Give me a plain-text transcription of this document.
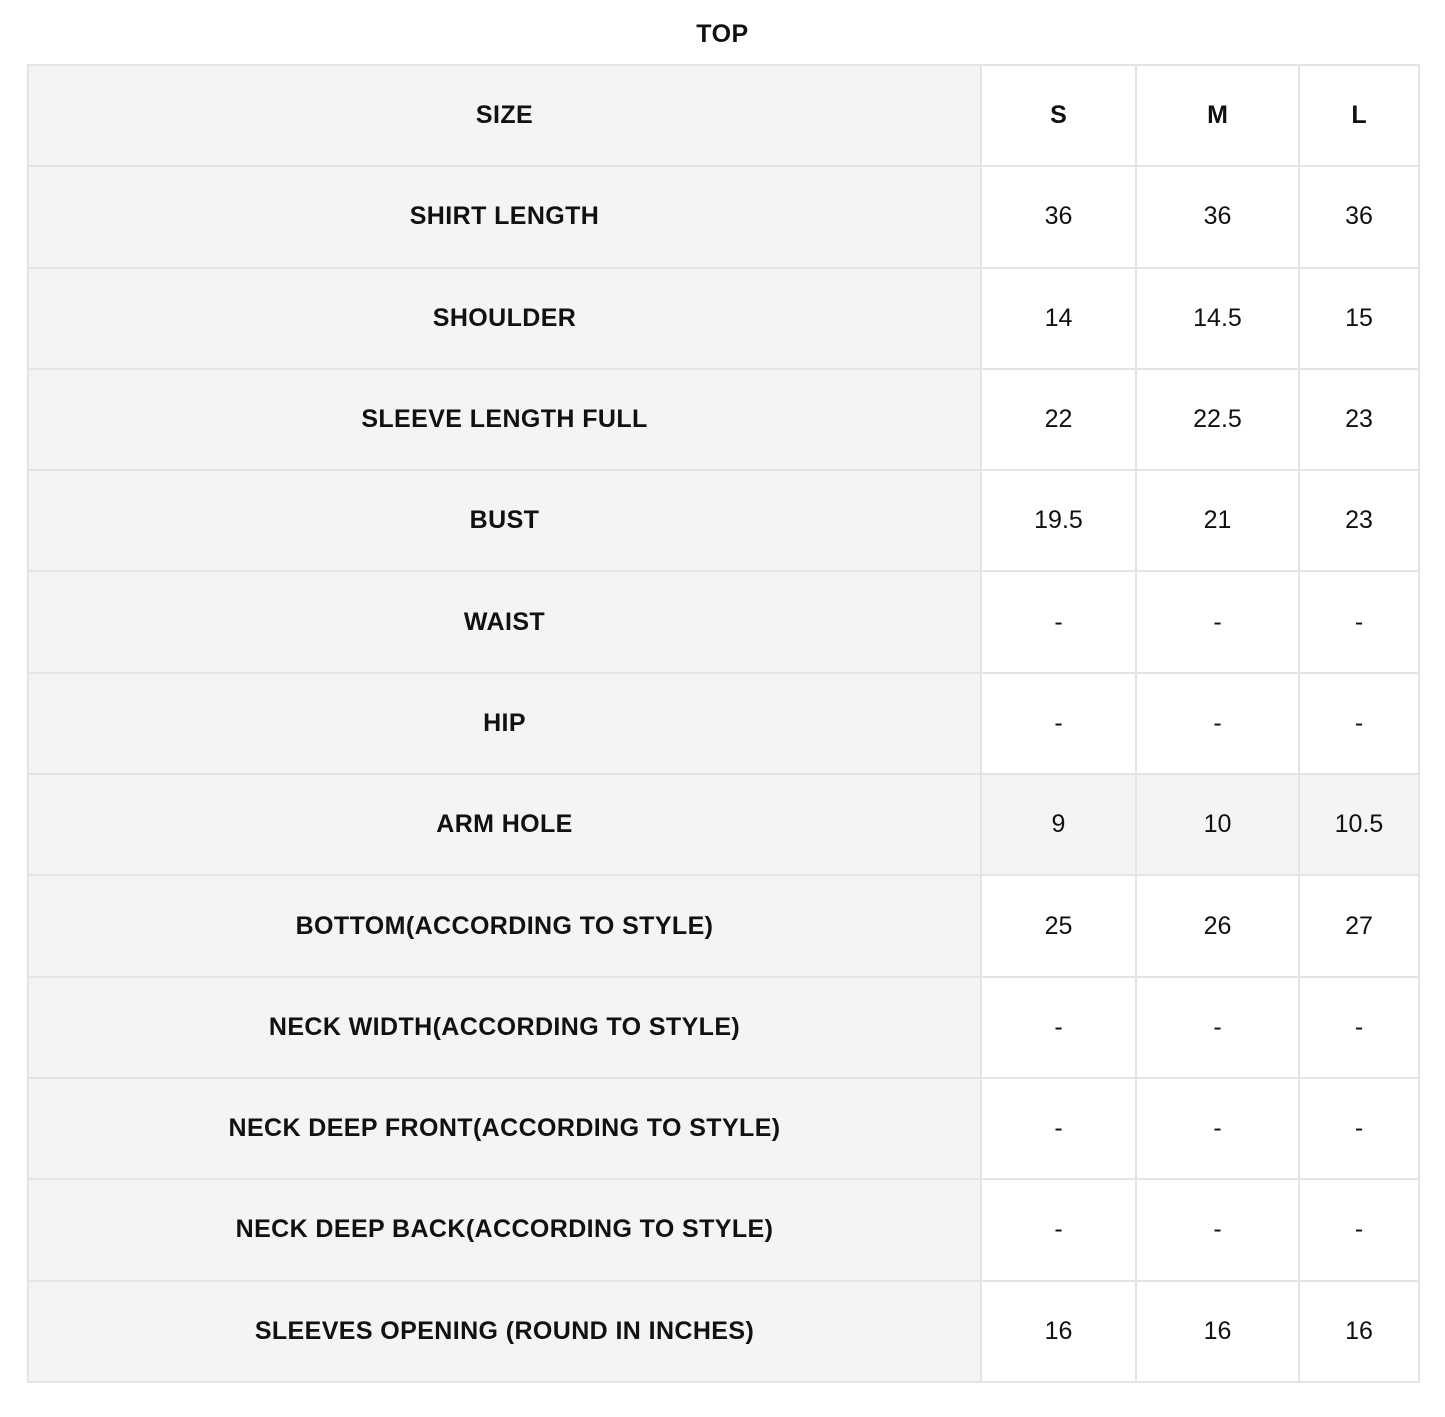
TOP
SIZE	S	M	L
SHIRT LENGTH	36	36	36
SHOULDER	14	14.5	15
SLEEVE LENGTH FULL	22	22.5	23
BUST	19.5	21	23
WAIST	-	-	-
HIP	-	-	-
ARM HOLE	9	10	10.5
BOTTOM(ACCORDING TO STYLE)	25	26	27
NECK WIDTH(ACCORDING TO STYLE)	-	-	-
NECK DEEP FRONT(ACCORDING TO STYLE)	-	-	-
NECK DEEP BACK(ACCORDING TO STYLE)	-	-	-
SLEEVES OPENING (ROUND IN INCHES)	16	16	16
